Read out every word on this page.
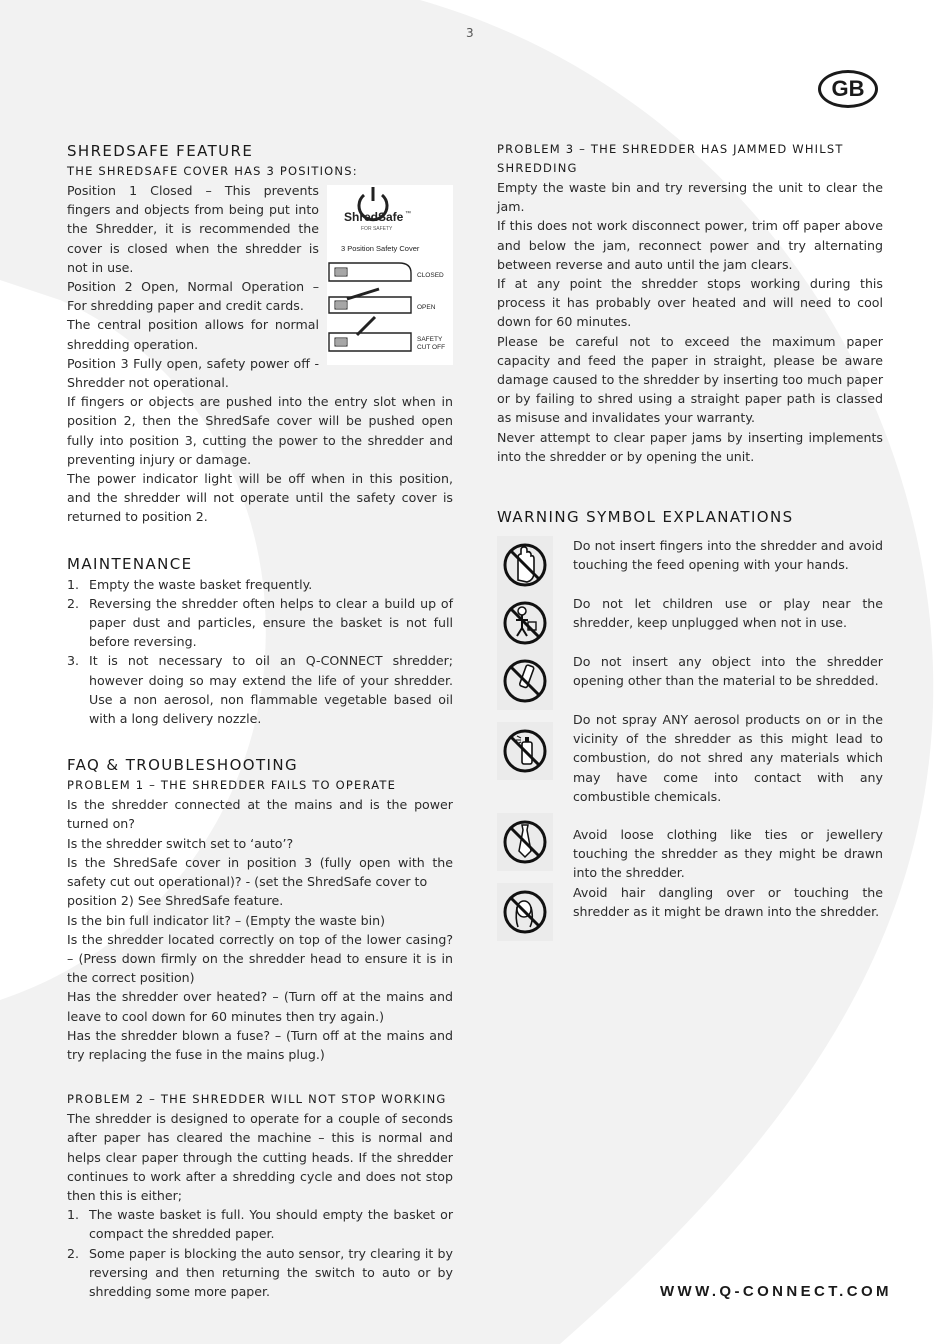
3
GB
SHREDSAFE FEATURE
THE SHREDSAFE COVER HAS 3 POSITIONS:
ShredSafe ™
FOR SAFETY
3 Position Safety Cover
CLOSED
OPEN
SAFETY
CUT OFF

Position 1 Closed – This prevents fingers and objects from being put into the Shredder, it is recommended the cover is closed when the shredder is not in use.

Position 2 Open, Normal Operation – For shredding paper and credit cards.

The central position allows for normal shredding operation.

Position 3 Fully open, safety power off - Shredder not operational.

If fingers or objects are pushed into the entry slot when in position 2, then the ShredSafe cover will be pushed open fully into position 3, cutting the power to the shredder and preventing injury or damage.

The power indicator light will be off when in this position, and the shredder will not operate until the safety cover is returned to position 2.

MAINTENANCE
1. Empty the waste basket frequently.
2. Reversing the shredder often helps to clear a build up of paper dust and particles, ensure the basket is not full before reversing.
3. It is not necessary to oil an Q-CONNECT shredder; however doing so may extend the life of your shredder. Use a non aerosol, non flammable vegetable based oil with a long delivery nozzle.
FAQ & TROUBLESHOOTING
PROBLEM 1 – THE SHREDDER FAILS TO OPERATE

Is the shredder connected at the mains and is the power turned on?

Is the shredder switch set to ‘auto’?

Is the ShredSafe cover in position 3 (fully open with the safety cut out operational)? - (set the ShredSafe cover to

position 2) See ShredSafe feature.

Is the bin full indicator lit? – (Empty the waste bin)

Is the shredder located correctly on top of the lower casing? – (Press down firmly on the shredder head to ensure it is in the correct position)

Has the shredder over heated? – (Turn off at the mains and leave to cool down for 60 minutes then try again.)

Has the shredder blown a fuse? – (Turn off at the mains and try replacing the fuse in the mains plug.)

PROBLEM 2 – THE SHREDDER WILL NOT STOP WORKING

The shredder is designed to operate for a couple of seconds after paper has cleared the machine – this is normal and helps clear paper through the cutting heads. If the shredder continues to work after a shredding cycle and does not stop then this is either;

1. The waste basket is full. You should empty the basket or compact the shredded paper.
2. Some paper is blocking the auto sensor, try clearing it by reversing and then returning the switch to auto or by shredding some more paper.
PROBLEM 3 – THE SHREDDER HAS JAMMED WHILST SHREDDING

Empty the waste bin and try reversing the unit to clear the jam.

If this does not work disconnect power, trim off paper above and below the jam, reconnect power and try alternating between reverse and auto until the jam clears.

If at any point the shredder stops working during this process it has probably over heated and will need to cool down for 60 minutes.

Please be careful not to exceed the maximum paper capacity and feed the paper in straight, please be aware damage caused to the shredder by inserting too much paper or by failing to shred using a straight paper path is classed as misuse and invalidates your warranty.

Never attempt to clear paper jams by inserting implements into the shredder or by opening the unit.

WARNING SYMBOL EXPLANATIONS
Do not insert fingers into the shredder and avoid touching the feed opening with your hands.
Do not let children use or play near the shredder, keep unplugged when not in use.
Do not insert any object into the shredder opening other than the material to be shredded.
Do not spray ANY aerosol products on or in the vicinity of the shredder as this might lead to combustion, do not shred any materials which may have come into contact with any combustible chemicals.
Avoid loose clothing like ties or jewellery touching the shredder as they might be drawn into the shredder.
Avoid hair dangling over or touching the shredder as it might be drawn into the shredder.
WWW.Q-CONNECT.COM
